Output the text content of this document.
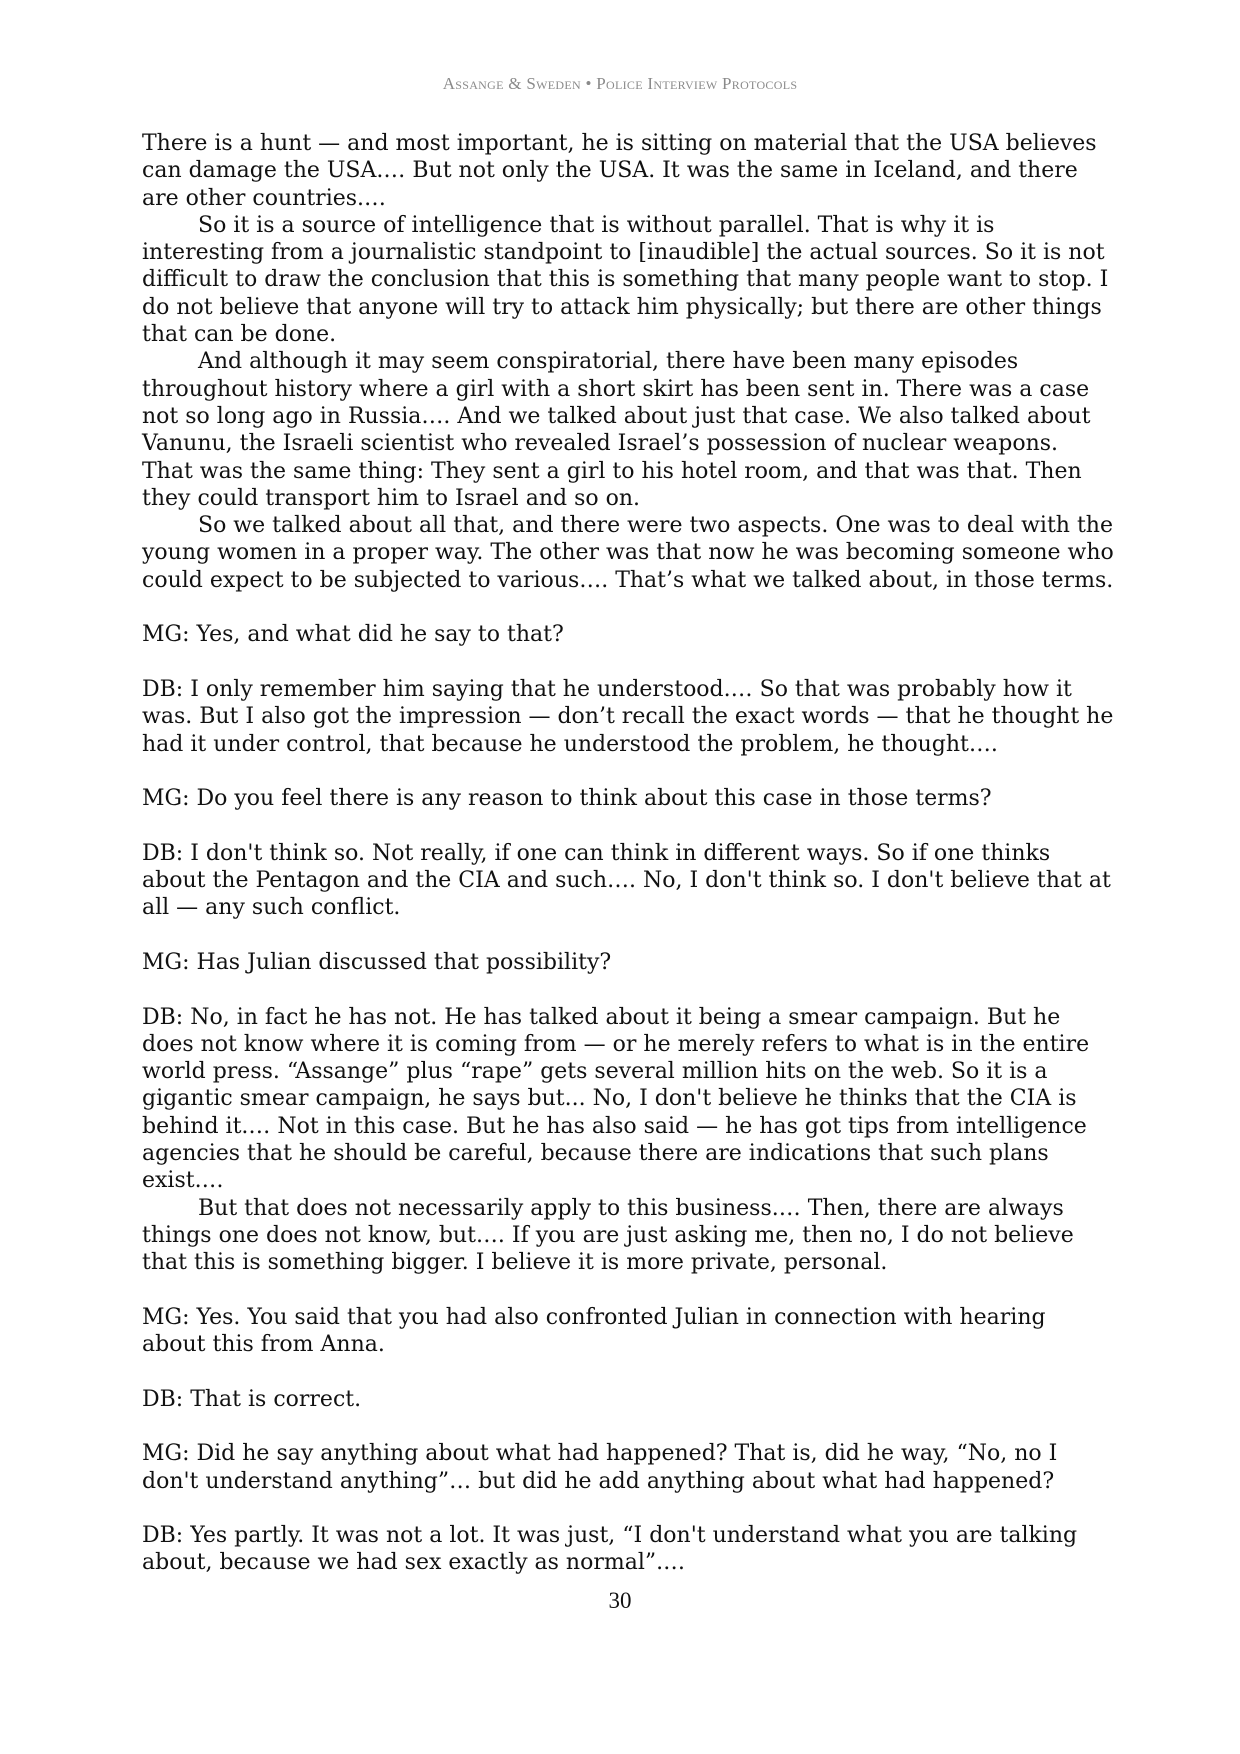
Assange & Sweden • Police Interview Protocols

There is a hunt — and most important, he is sitting on material that the USA believes can damage the USA.… But not only the USA. It was the same in Iceland, and there are other countries.…

So it is a source of intelligence that is without parallel. That is why it is interesting from a journalistic standpoint to [inaudible] the actual sources. So it is not difficult to draw the conclusion that this is something that many people want to stop. I do not believe that anyone will try to attack him physically; but there are other things that can be done.

And although it may seem conspiratorial, there have been many episodes throughout history where a girl with a short skirt has been sent in. There was a case not so long ago in Russia…. And we talked about just that case. We also talked about Vanunu, the Israeli scientist who revealed Israel’s possession of nuclear weapons. That was the same thing: They sent a girl to his hotel room, and that was that. Then they could transport him to Israel and so on.

So we talked about all that, and there were two aspects. One was to deal with the young women in a proper way. The other was that now he was becoming someone who could expect to be subjected to various…. That’s what we talked about, in those terms.

MG: Yes, and what did he say to that?

DB: I only remember him saying that he understood.… So that was probably how it was. But I also got the impression — don’t recall the exact words — that he thought he had it under control, that because he understood the problem, he thought….

MG: Do you feel there is any reason to think about this case in those terms?

DB: I don't think so. Not really, if one can think in different ways. So if one thinks about the Pentagon and the CIA and such…. No, I don't think so. I don't believe that at all — any such conflict.

MG: Has Julian discussed that possibility?

DB: No, in fact he has not. He has talked about it being a smear campaign. But he does not know where it is coming from — or he merely refers to what is in the entire world press. “Assange” plus “rape” gets several million hits on the web. So it is a gigantic smear campaign, he says but... No, I don't believe he thinks that the CIA is behind it.… Not in this case. But he has also said — he has got tips from intelligence agencies that he should be careful, because there are indications that such plans exist.…

But that does not necessarily apply to this business.… Then, there are always things one does not know, but…. If you are just asking me, then no, I do not believe that this is something bigger. I believe it is more private, personal.

MG: Yes. You said that you had also confronted Julian in connection with hearing about this from Anna.

DB: That is correct.

MG: Did he say anything about what had happened? That is, did he way, “No, no I don't understand anything”… but did he add anything about what had happened?

DB: Yes partly. It was not a lot. It was just, “I don't understand what you are talking about, because we had sex exactly as normal”.…

30
